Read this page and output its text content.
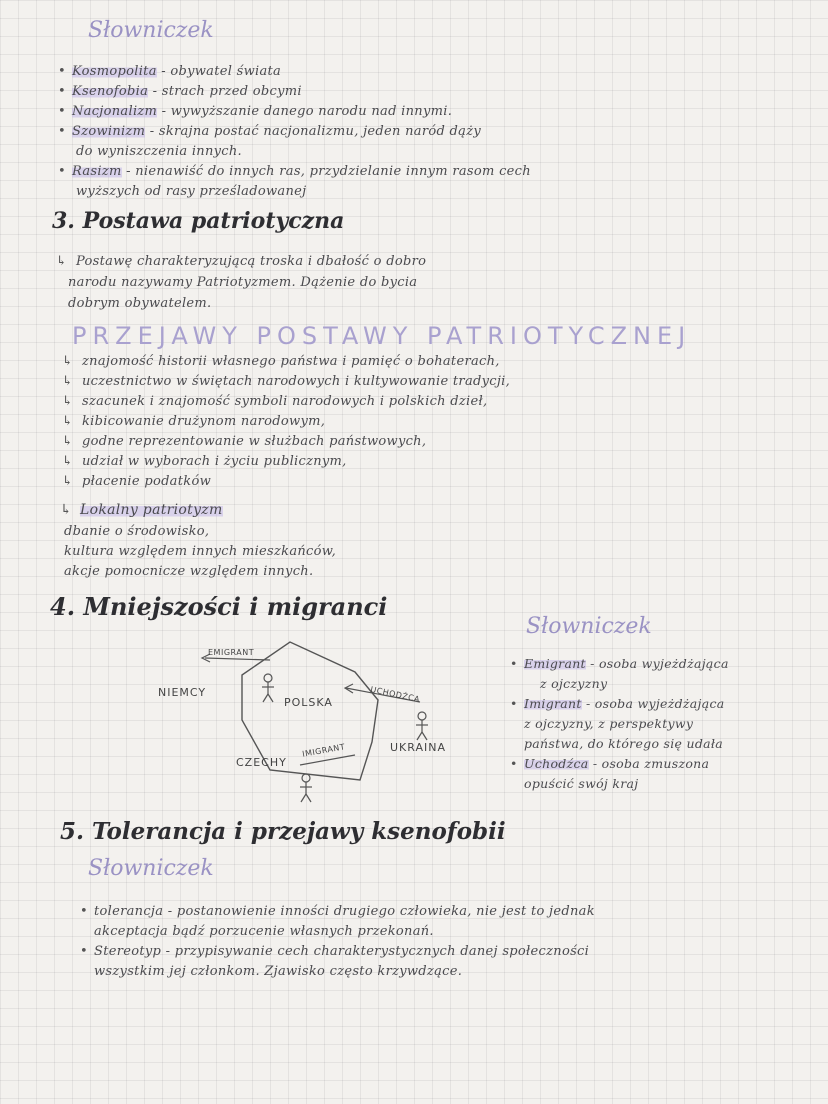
Słowniczek
• Kosmopolita - obywatel świata
• Ksenofobia - strach przed obcymi
• Nacjonalizm - wywyższanie danego narodu nad innymi.
• Szowinizm - skrajna postać nacjonalizmu, jeden naród dąży
do wyniszczenia innych.
• Rasizm - nienawiść do innych ras, przydzielanie innym rasom cech
wyższych od rasy prześladowanej
3. Postawa patriotyczna
↳ Postawę charakteryzującą troska i dbałość o dobro
narodu nazywamy Patriotyzmem. Dążenie do bycia
dobrym obywatelem.
PRZEJAWY POSTAWY PATRIOTYCZNEJ
↳ znajomość historii własnego państwa i pamięć o bohaterach,
↳ uczestnictwo w świętach narodowych i kultywowanie tradycji,
↳ szacunek i znajomość symboli narodowych i polskich dzieł,
↳ kibicowanie drużynom narodowym,
↳ godne reprezentowanie w służbach państwowych,
↳ udział w wyborach i życiu publicznym,
↳ płacenie podatków
↳ Lokalny patriotyzm
dbanie o środowisko,
kultura względem innych mieszkańców,
akcje pomocnicze względem innych.
4. Mniejszości i migranci
EMIGRANT
NIEMCY
POLSKA	UCHODŹCA
UKRAINA
CZECHY
IMIGRANT
Słowniczek
• Emigrant - osoba wyjeżdżająca
z ojczyzny
• Imigrant - osoba wyjeżdżająca
z ojczyzny, z perspektywy
państwa, do którego się udała
• Uchodźca - osoba zmuszona
opuścić swój kraj
5. Tolerancja i przejawy ksenofobii
Słowniczek
• tolerancja - postanowienie inności drugiego człowieka, nie jest to jednak
akceptacja bądź porzucenie własnych przekonań.
• Stereotyp - przypisywanie cech charakterystycznych danej społeczności
wszystkim jej członkom. Zjawisko często krzywdzące.
